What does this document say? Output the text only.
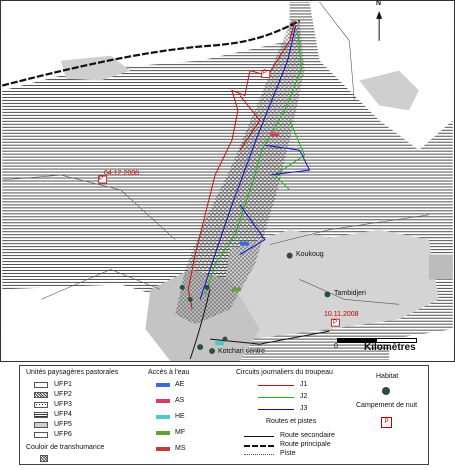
N
04.12.2008
10.11.2008
Koukoug
Tambidjeri
Kotchari centre
P
P
P
0	Kilomètres
Unités paysagères pastorales
UFP1
UFP2
UFP3
UFP4
UFP5
UFP6
Couloir de transhumance
Accès à l'eau
AE
AS
HE
MF
MS
Circuits journaliers du troupeau
J1
J2
J3
Routes et pistes
Route secondaire
Route principale
Piste
Habitat
Campement de nuit
P
